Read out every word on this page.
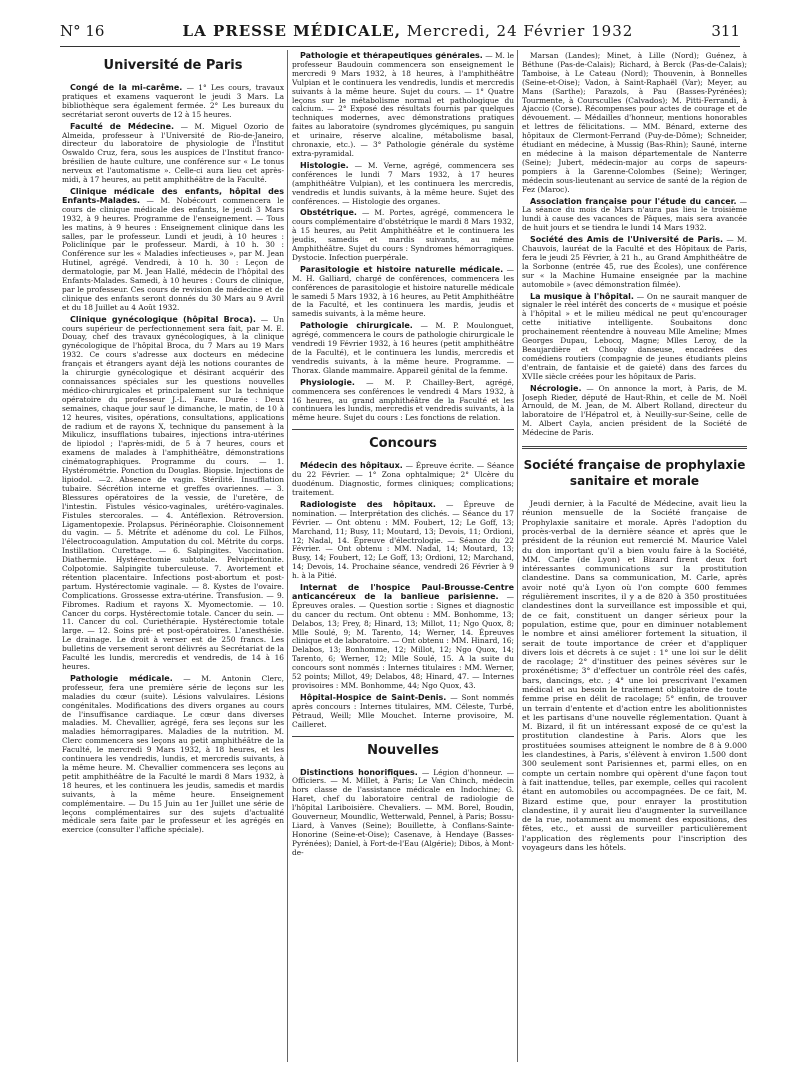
N° 16	LA PRESSE MÉDICALE, Mercredi, 24 Février 1932	311
Université de Paris

Congé de la mi-carême. — 1° Les cours, travaux pratiques et examens vaqueront le jeudi 3 Mars. La bibliothèque sera également fermée. 2° Les bureaux du secrétariat seront ouverts de 12 à 15 heures.

Faculté de Médecine. — M. Miguel Ozorio de Almeida, professeur à l'Université de Rio-de-Janeiro, directeur du laboratoire de physiologie de l'Institut Oswaldo Cruz, fera, sous les auspices de l'Institut franco-brésilien de haute culture, une conférence sur « Le tonus nerveux et l'automatisme ». Celle-ci aura lieu cet après-midi, à 17 heures, au petit amphithéâtre de la Faculté.

Clinique médicale des enfants, hôpital des Enfants-Malades. — M. Nobécourt commencera le cours de clinique médicale des enfants, le jeudi 3 Mars 1932, à 9 heures. Programme de l'enseignement. — Tous les matins, à 9 heures : Enseignement clinique dans les salles, par le professeur. Lundi et jeudi, à 10 heures : Policlinique par le professeur. Mardi, à 10 h. 30 : Conférence sur les « Maladies infectieuses », par M. Jean Hutinel, agrégé. Vendredi, à 10 h. 30 : Leçon de dermatologie, par M. Jean Hallé, médecin de l'hôpital des Enfants-Malades. Samedi, à 10 heures : Cours de clinique, par le professeur. Ces cours de revision de médecine et de clinique des enfants seront donnés du 30 Mars au 9 Avril et du 18 Juillet au 4 Août 1932.

Clinique gynécologique (hôpital Broca). — Un cours supérieur de perfectionnement sera fait, par M. E. Douay, chef des travaux gynécologiques, à la clinique gynécologique de l'hôpital Broca, du 7 Mars au 19 Mars 1932. Ce cours s'adresse aux docteurs en médecine français et étrangers ayant déjà les notions courantes de la chirurgie gynécologique et désirant acquérir des connaissances spéciales sur les questions nouvelles médico-chirurgicales et principalement sur la technique opératoire du professeur J.-L. Faure. Durée : Deux semaines, chaque jour sauf le dimanche, le matin, de 10 à 12 heures, visites, opérations, consultations, applications de radium et de rayons X, technique du pansement à la Mikulicz, insufflations tubaires, injections intra-utérines de lipiodol ; l'après-midi, de 5 à 7 heures, cours et examens de malades à l'amphithéâtre, démonstrations cinématographiques. Programme du cours. — 1. Hystérométrie. Ponction du Douglas. Biopsie. Injections de lipiodol. —2. Absence de vagin. Stérilité. Insufflation tubaire. Sécrétion interne et greffes ovariennes. — 3. Blessures opératoires de la vessie, de l'uretère, de l'intestin. Fistules vésico-vaginales, urétéro-vaginales. Fistules stercorales. — 4. Antéflexion. Rétroversion. Ligamentopexie. Prolapsus. Périnéoraphie. Cloisonnement du vagin. — 5. Métrite et adénome du col. Le Filhos, l'électrocoagulation. Amputation du col. Métrite du corps. Instillation. Curettage. — 6. Salpingites. Vaccination. Diathermie. Hystérectomie subtotale. Pelvipéritonite. Colpotomie. Salpingite tuberculeuse. 7. Avortement et rétention placentaire. Infections post-abortum et post-partum. Hystérectomie vaginale. — 8. Kystes de l'ovaire. Complications. Grossesse extra-utérine. Transfusion. — 9. Fibromes. Radium et rayons X. Myomectomie. — 10. Cancer du corps. Hystérectomie totale. Cancer du sein. — 11. Cancer du col. Curiethérapie. Hystérectomie totale large. — 12. Soins pré- et post-opératoires. L'anesthésie. Le drainage. Le droit à verser est de 250 francs. Les bulletins de versement seront délivrés au Secrétariat de la Faculté les lundis, mercredis et vendredis, de 14 à 16 heures.

Pathologie médicale. — M. Antonin Clerc, professeur, fera une première série de leçons sur les maladies du cœur (suite). Lésions valvulaires. Lésions congénitales. Modifications des divers organes au cours de l'insuffisance cardiaque. Le cœur dans diverses maladies. M. Chevallier, agrégé, fera ses leçons sur les maladies hémorragipares. Maladies de la nutrition. M. Clerc commencera ses leçons au petit amphithéâtre de la Faculté, le mercredi 9 Mars 1932, à 18 heures, et les continuera les vendredis, lundis, et mercredis suivants, à la même heure. M. Chevallier commencera ses leçons au petit amphithéâtre de la Faculté le mardi 8 Mars 1932, à 18 heures, et les continuera les jeudis, samedis et mardis suivants, à la même heure. Enseignement complémentaire. — Du 15 Juin au 1er Juillet une série de leçons complémentaires sur des sujets d'actualité médicale sera faite par le professeur et les agrégés en exercice (consulter l'affiche spéciale).

Pathologie et thérapeutiques générales. — M. le professeur Baudouin commencera son enseignement le mercredi 9 Mars 1932, à 18 heures, à l'amphithéâtre Vulpian et le continuera les vendredis, lundis et mercredis suivants à la même heure. Sujet du cours. — 1° Quatre leçons sur le métabolisme normal et pathologique du calcium. — 2° Exposé des résultats fournis par quelques techniques modernes, avec démonstrations pratiques faites au laboratoire (syndromes glycémiques, pu sanguin et urinaire, réserve alcaline, métabolisme basal, chronaxie, etc.). — 3° Pathologie générale du système extra-pyramidal.

Histologie. — M. Verne, agrégé, commencera ses conférences le lundi 7 Mars 1932, à 17 heures (amphithéâtre Vulpian), et les continuera les mercredis, vendredis et lundis suivants, à la même heure. Sujet des conférences. — Histologie des organes.

Obstétrique. — M. Portes, agrégé, commencera le cours complémentaire d'obstétrique le mardi 8 Mars 1932, à 15 heures, au Petit Amphithéâtre et le continuera les jeudis, samedis et mardis suivants, au même Amphithéâtre. Sujet du cours : Syndromes hémorragiques. Dystocie. Infection puerpérale.

Parasitologie et histoire naturelle médicale. — M. H. Galliard, chargé de conférences, commencera les conférences de parasitologie et histoire naturelle médicale le samedi 5 Mars 1932, à 16 heures, au Petit Amphithéâtre de la Faculté, et les continuera les mardis, jeudis et samedis suivants, à la même heure.

Pathologie chirurgicale. — M. P. Moulonguet, agrégé, commencera le cours de pathologie chirurgicale le vendredi 19 Février 1932, à 16 heures (petit amphithéâtre de la Faculté), et le continuera les lundis, mercredis et vendredis suivants, à la même heure. Programme. — Thorax. Glande mammaire. Appareil génital de la femme.

Physiologie. — M. P. Chailley-Bert, agrégé, commencera ses conférences le vendredi 4 Mars 1932, à 16 heures, au grand amphithéâtre de la Faculté et les continuera les lundis, mercredis et vendredis suivants, à la même heure. Sujet du cours : Les fonctions de relation.

Concours

Médecin des hôpitaux. — Épreuve écrite. — Séance du 22 Février. — 1° Zona ophtalmique; 2° Ulcère du duodénum. Diagnostic, formes cliniques; complications; traitement.

Radiologiste des hôpitaux. — Épreuve de nomination. — Interprétation des clichés. — Séance du 17 Février. — Ont obtenu : MM. Foubert, 12; Le Goff, 13; Marchand, 11; Busy, 11; Moutard, 13; Devois, 11; Ordioni, 12; Nadal, 14. Épreuve d'électrologie. — Séance du 22 Février. — Ont obtenu : MM. Nadal, 14; Moutard, 13; Busy, 14; Foubert, 12; Le Goff, 13; Ordioni, 12; Marchand, 14; Devois, 14. Prochaine séance, vendredi 26 Février à 9 h. à la Pitié.

Internat de l'hospice Paul-Brousse-Centre anticancéreux de la banlieue parisienne. — Épreuves orales. — Question sortie : Signes et diagnostic du cancer du rectum. Ont obtenu : MM. Bonhomme, 13; Delabos, 13; Frey, 8; Hinard, 13; Millot, 11; Ngo Quox, 8; Mlle Soulé, 9; M. Tarento, 14; Werner, 14. Épreuves clinique et de laboratoire. — Ont obtenu : MM. Hinard, 16; Delabos, 13; Bonhomme, 12; Millot, 12; Ngo Quox, 14; Tarento, 6; Werner, 12; Mlle Soulé, 15. A la suite du concours sont nommés : Internes titulaires : MM. Werner, 52 points; Millot, 49; Delabos, 48; Hinard, 47. — Internes provisoires : MM. Bonhomme, 44; Ngo Quox, 43.

Hôpital-Hospice de Saint-Denis. — Sont nommés après concours : Internes titulaires, MM. Céleste, Turbé, Pétraud, Weill; Mlle Mouchet. Interne provisoire, M. Cailleret.

Nouvelles

Distinctions honorifiques. — Légion d'honneur. — Officiers. — M. Millet, à Paris; Le Van Chinch, médecin hors classe de l'assistance médicale en Indochine; G. Haret, chef du laboratoire central de radiologie de l'hôpital Lariboisière. Chevaliers. — MM. Borel, Boudin, Gouverneur, Moundlic, Wetterwald, Pennel, à Paris; Bossu-Liard, à Vanves (Seine); Bouillette, à Conflans-Sainte-Honorine (Seine-et-Oise); Casenave, à Hendaye (Basses-Pyrénées); Daniel, à Fort-de-l'Eau (Algérie); Dibos, à Mont-de-

Marsan (Landes); Minet, à Lille (Nord); Guénez, à Béthune (Pas-de-Calais); Richard, à Berck (Pas-de-Calais); Tamboise, à Le Cateau (Nord); Thouvenin, à Bonnelles (Seine-et-Oise); Vadon, à Saint-Raphaël (Var); Meyer, au Mans (Sarthe); Parazols, à Pau (Basses-Pyrénées); Tourmente, à Coursculles (Calvados); M. Pitti-Ferrandi, à Ajaccio (Corse). Récompenses pour actes de courage et de dévouement. — Médailles d'honneur, mentions honorables et lettres de félicitations. — MM. Bénard, externe des hôpitaux de Clermont-Ferrand (Puy-de-Dôme); Schneider, étudiant en médecine, à Mussig (Bas-Rhin); Sauné, interne en médecine à la maison départementale de Nanterre (Seine); Jubert, médecin-major au corps de sapeurs-pompiers à la Garenne-Colombes (Seine); Weringer, médecin sous-lieutenant au service de santé de la région de Fez (Maroc).

Association française pour l'étude du cancer. — La séance du mois de Mars n'aura pas lieu le troisième lundi à cause des vacances de Pâques, mais sera avancée de huit jours et se tiendra le lundi 14 Mars 1932.

Société des Amis de l'Université de Paris. — M. Chauvois, lauréat de la Faculté et des Hôpitaux de Paris, fera le jeudi 25 Février, à 21 h., au Grand Amphithéâtre de la Sorbonne (entrée 45, rue des Écoles), une conférence sur « la Machine Humaine enseignée par la machine automobile » (avec démonstration filmée).

La musique à l'hôpital. — On ne saurait manquer de signaler le réel intérêt des concerts de « musique et poésie à l'hôpital » et le milieu médical ne peut qu'encourager cette initiative intelligente. Soubaitons donc prochainement réentendre à nouveau Mlle Ameline; Mmes Georges Dupau, Lebocq, Magne; Mlles Leroy, de la Beaujardière et Chouky danseuse, encadrées des comédiens routiers (compagnie de jeunes étudiants pleins d'entrain, de fantaisie et de gaieté) dans des farces du XVIIe siècle créées pour les hôpitaux de Paris.

Nécrologie. — On annonce la mort, à Paris, de M. Joseph Rieder, député de Haut-Rhin, et celle de M. Noël Arnould, de M. Jean, de M. Albert Rolland, directeur du laboratoire de l'Hépatrol et, à Neuilly-sur-Seine, celle de M. Albert Cayla, ancien président de la Société de Médecine de Paris.

Société française de prophylaxie sanitaire et morale

Jeudi dernier, à la Faculté de Médecine, avait lieu la réunion mensuelle de la Société française de Prophylaxie sanitaire et morale. Après l'adoption du procès-verbal de la dernière séance et après que le président de la réunion eut remercié M. Maurice Valel du don important qu'il a bien voulu faire à la Société, MM. Carle (de Lyon) et Bizard firent deux fort intéressantes communications sur la prostitution clandestine. Dans sa communication, M. Carle, après avoir noté qu'à Lyon où l'on compte 600 femmes régulièrement inscrites, il y a de 820 à 350 prostituées clandestines dont la surveillance est impossible et qui, de ce fait, constituent un danger sérieux pour la population, estime que, pour en diminuer notablement le nombre et ainsi améliorer fortement la situation, il serait de toute importance de créer et d'appliquer divers lois et décrets à ce sujet : 1° une loi sur le délit de racolage; 2° d'instituer des peines sévères sur le proxénétisme; 3° d'effectuer un contrôle réel des cafés, bars, dancings, etc. ; 4° une loi prescrivant l'examen médical et au besoin le traitement obligatoire de toute femme prise en délit de racolage; 5° enfin, de trouver un terrain d'entente et d'action entre les abolitionnistes et les partisans d'une nouvelle réglementation. Quant à M. Bizard, il fit un intéressant exposé de ce qu'est la prostitution clandestine à Paris. Alors que les prostituées soumises atteignent le nombre de 8 à 9.000 les clandestines, à Paris, s'élèvent à environ 1.500 dont 300 seulement sont Parisiennes et, parmi elles, on en compte un certain nombre qui opèrent d'une façon tout à fait inattendue, telles, par exemple, celles qui racolent étant en automobiles ou accompagnées. De ce fait, M. Bizard estime que, pour enrayer la prostitution clandestine, il y aurait lieu d'augmenter la surveillance de la rue, notamment au moment des expositions, des fêtes, etc., et aussi de surveiller particulièrement l'application des règlements pour l'inscription des voyageurs dans les hôtels.
